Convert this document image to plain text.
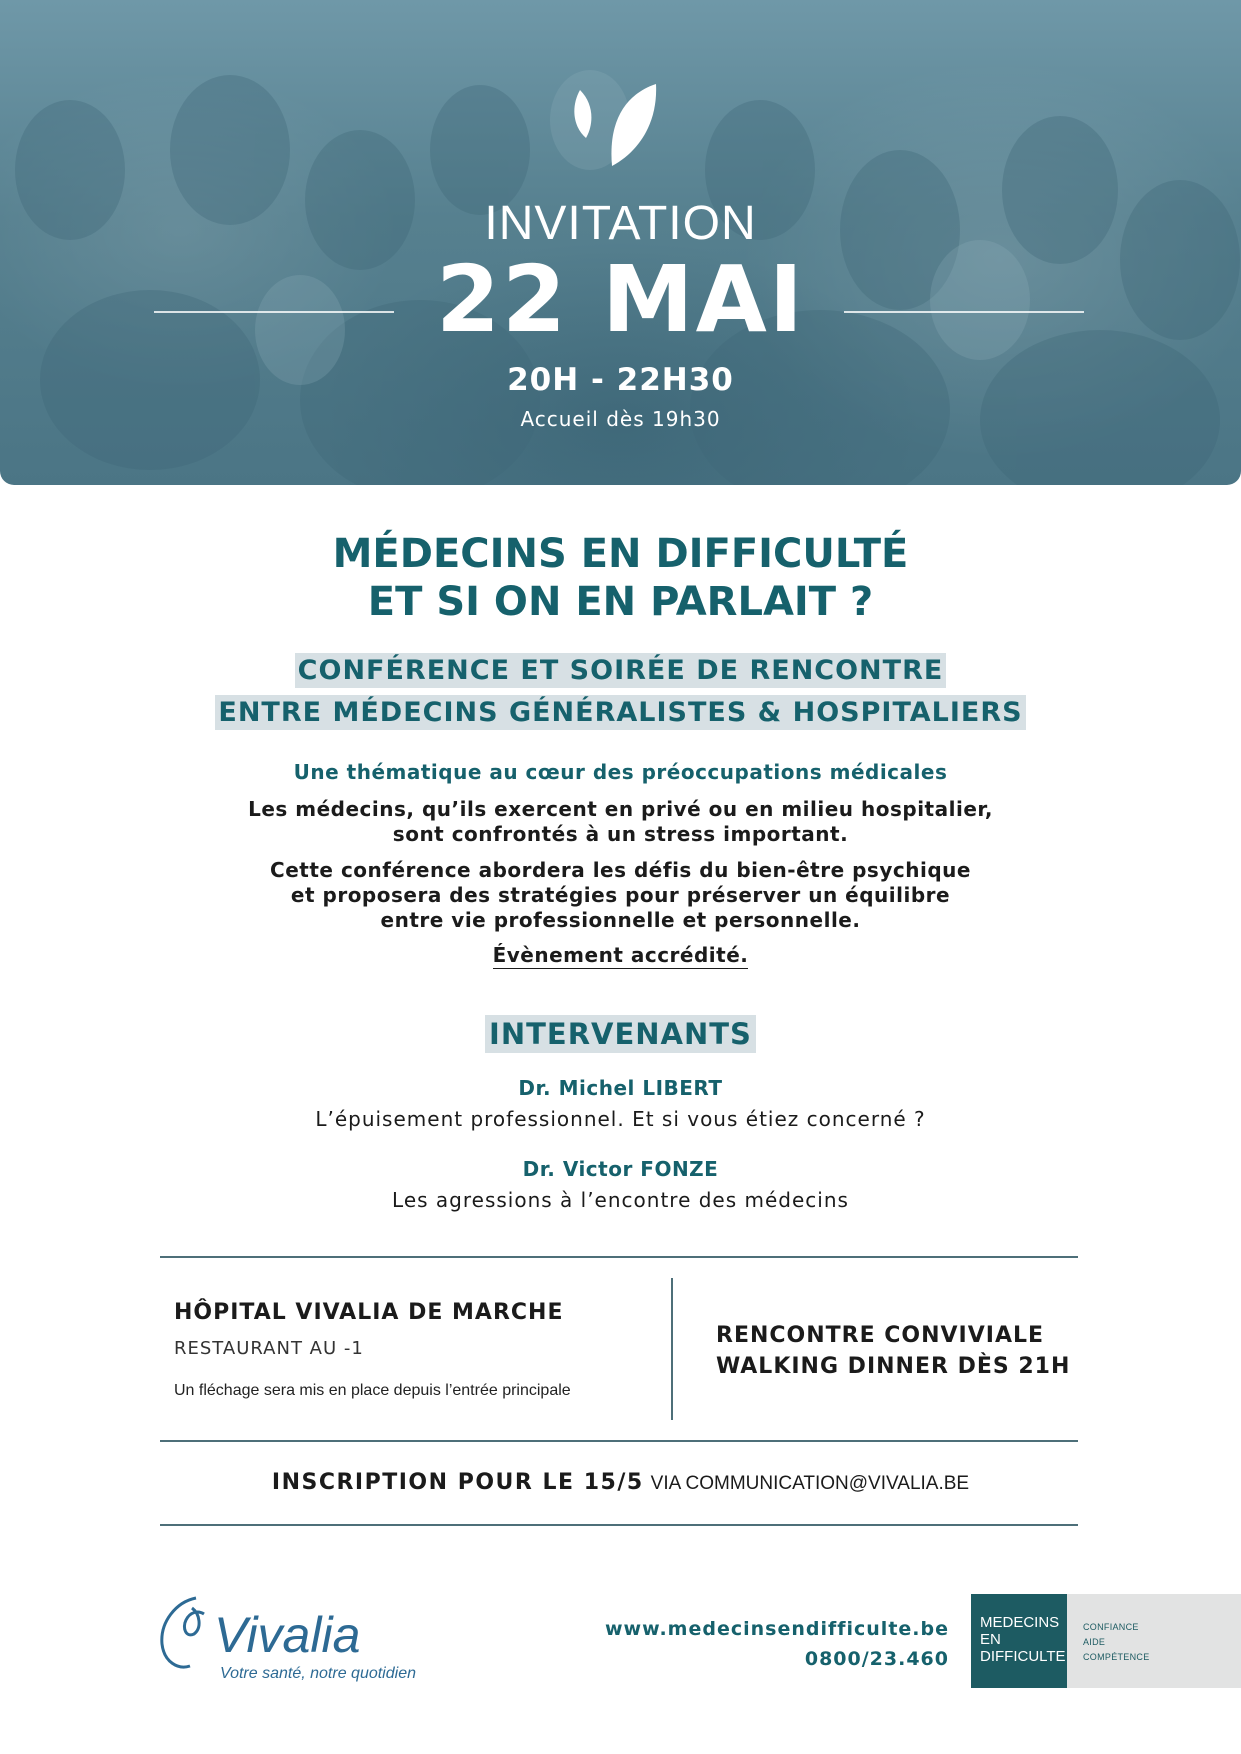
INVITATION
22 MAI
20H - 22H30
Accueil dès 19h30
MÉDECINS EN DIFFICULTÉ
ET SI ON EN PARLAIT ?
CONFÉRENCE ET SOIRÉE DE RENCONTRE
ENTRE MÉDECINS GÉNÉRALISTES & HOSPITALIERS
Une thématique au cœur des préoccupations médicales
Les médecins, qu’ils exercent en privé ou en milieu hospitalier,
sont confrontés à un stress important.
Cette conférence abordera les défis du bien-être psychique
et proposera des stratégies pour préserver un équilibre
entre vie professionnelle et personnelle.
Évènement accrédité.
INTERVENANTS
Dr. Michel LIBERT
L’épuisement professionnel. Et si vous étiez concerné ?
Dr. Victor FONZE
Les agressions à l’encontre des médecins
HÔPITAL VIVALIA DE MARCHE
RESTAURANT AU -1
Un fléchage sera mis en place depuis l’entrée principale
RENCONTRE CONVIVIALE
WALKING DINNER DÈS 21H
INSCRIPTION POUR LE 15/5 VIA COMMUNICATION@VIVALIA.BE
Vivalia
Votre santé, notre quotidien
www.medecinsendifficulte.be
0800/23.460
MEDECINS
EN
DIFFICULTE
CONFIANCE
AIDE
COMPÉTENCE
